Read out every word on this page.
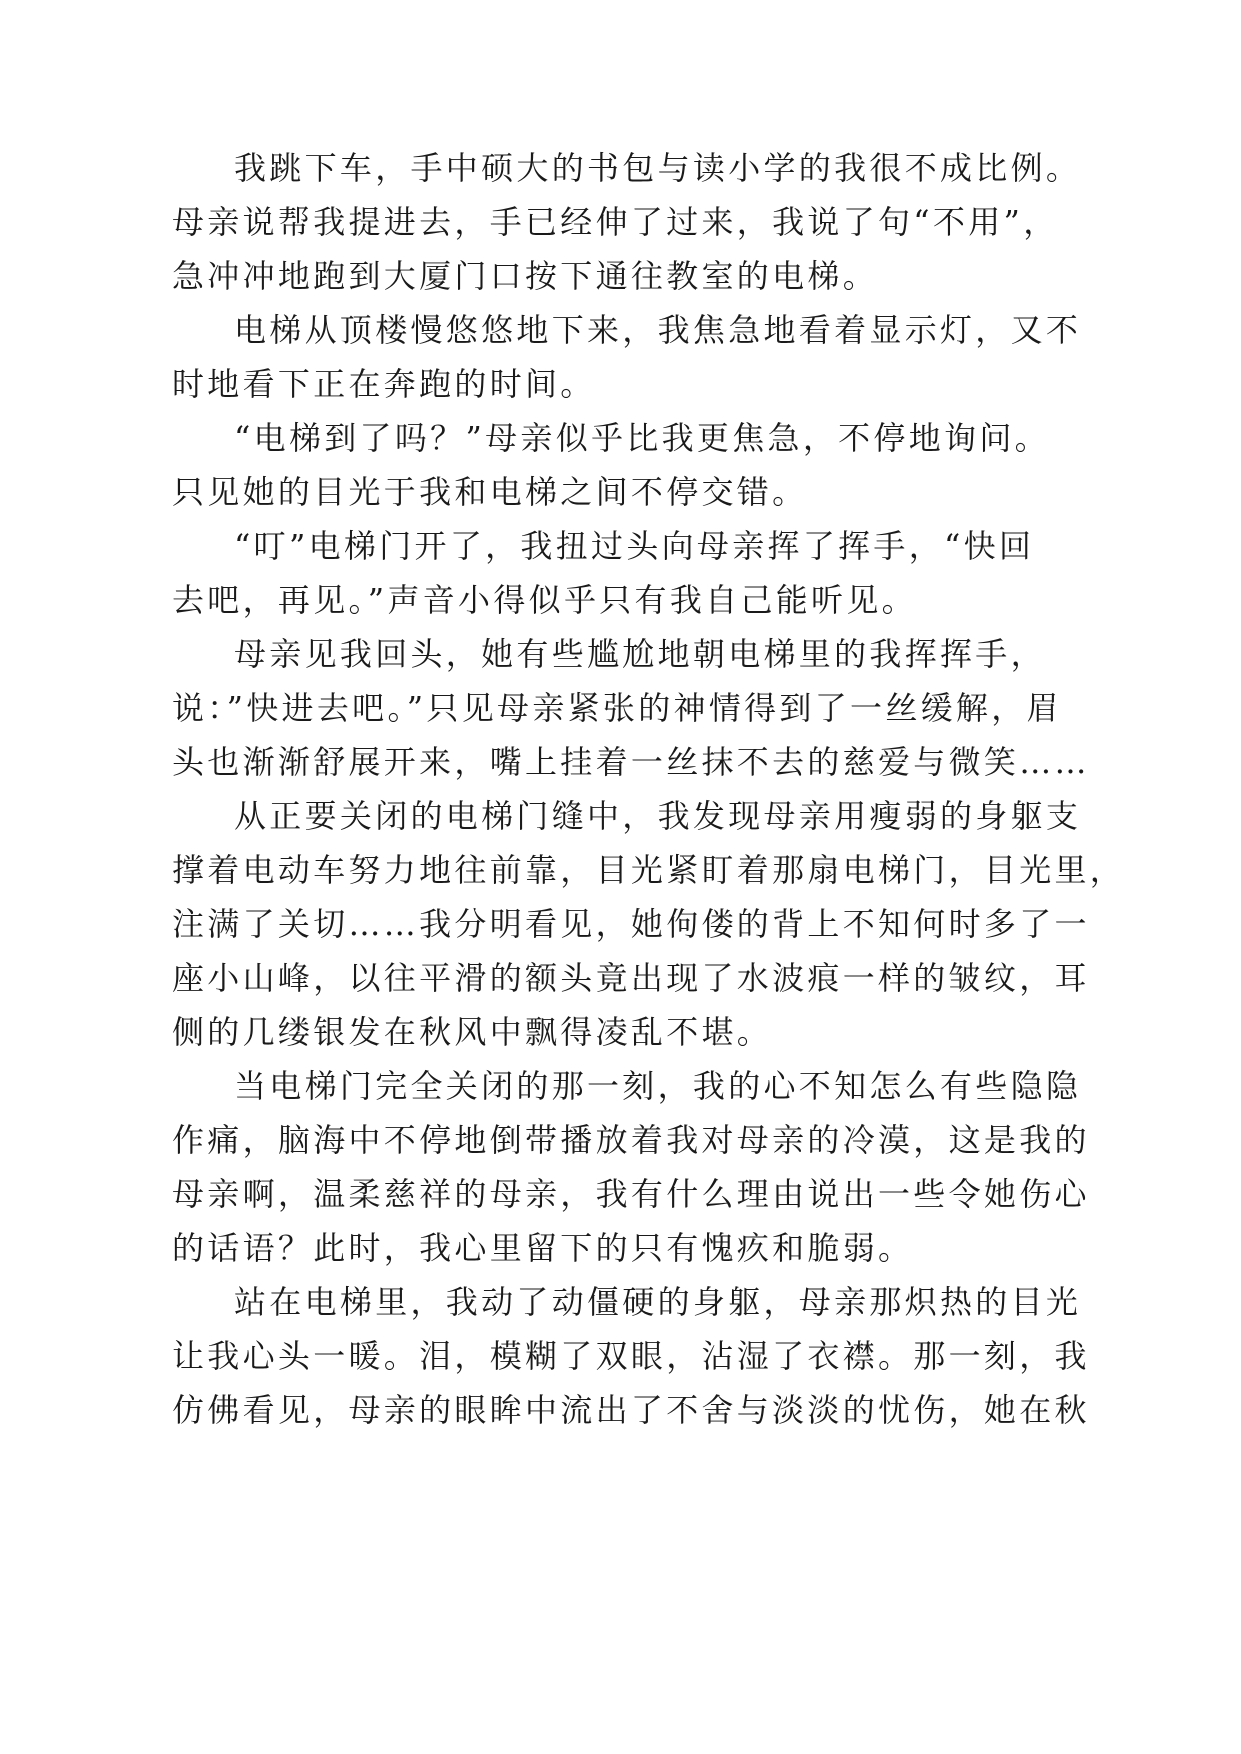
我跳下车，手中硕大的书包与读小学的我很不成比例。
母亲说帮我提进去，手已经伸了过来，我说了句“不用”，
急冲冲地跑到大厦门口按下通往教室的电梯。
电梯从顶楼慢悠悠地下来，我焦急地看着显示灯，又不
时地看下正在奔跑的时间。
“电梯到了吗？”母亲似乎比我更焦急，不停地询问。
只见她的目光于我和电梯之间不停交错。
“叮”电梯门开了，我扭过头向母亲挥了挥手，“快回
去吧，再见。”声音小得似乎只有我自己能听见。
母亲见我回头，她有些尴尬地朝电梯里的我挥挥手，
说：”快进去吧。”只见母亲紧张的神情得到了一丝缓解，眉
头也渐渐舒展开来，嘴上挂着一丝抹不去的慈爱与微笑……
从正要关闭的电梯门缝中，我发现母亲用瘦弱的身躯支
撑着电动车努力地往前靠，目光紧盯着那扇电梯门，目光里，
注满了关切……我分明看见，她佝偻的背上不知何时多了一
座小山峰，以往平滑的额头竟出现了水波痕一样的皱纹，耳
侧的几缕银发在秋风中飘得凌乱不堪。
当电梯门完全关闭的那一刻，我的心不知怎么有些隐隐
作痛，脑海中不停地倒带播放着我对母亲的冷漠，这是我的
母亲啊，温柔慈祥的母亲，我有什么理由说出一些令她伤心
的话语？此时，我心里留下的只有愧疚和脆弱。
站在电梯里，我动了动僵硬的身躯，母亲那炽热的目光
让我心头一暖。泪，模糊了双眼，沾湿了衣襟。那一刻，我
仿佛看见，母亲的眼眸中流出了不舍与淡淡的忧伤，她在秋
